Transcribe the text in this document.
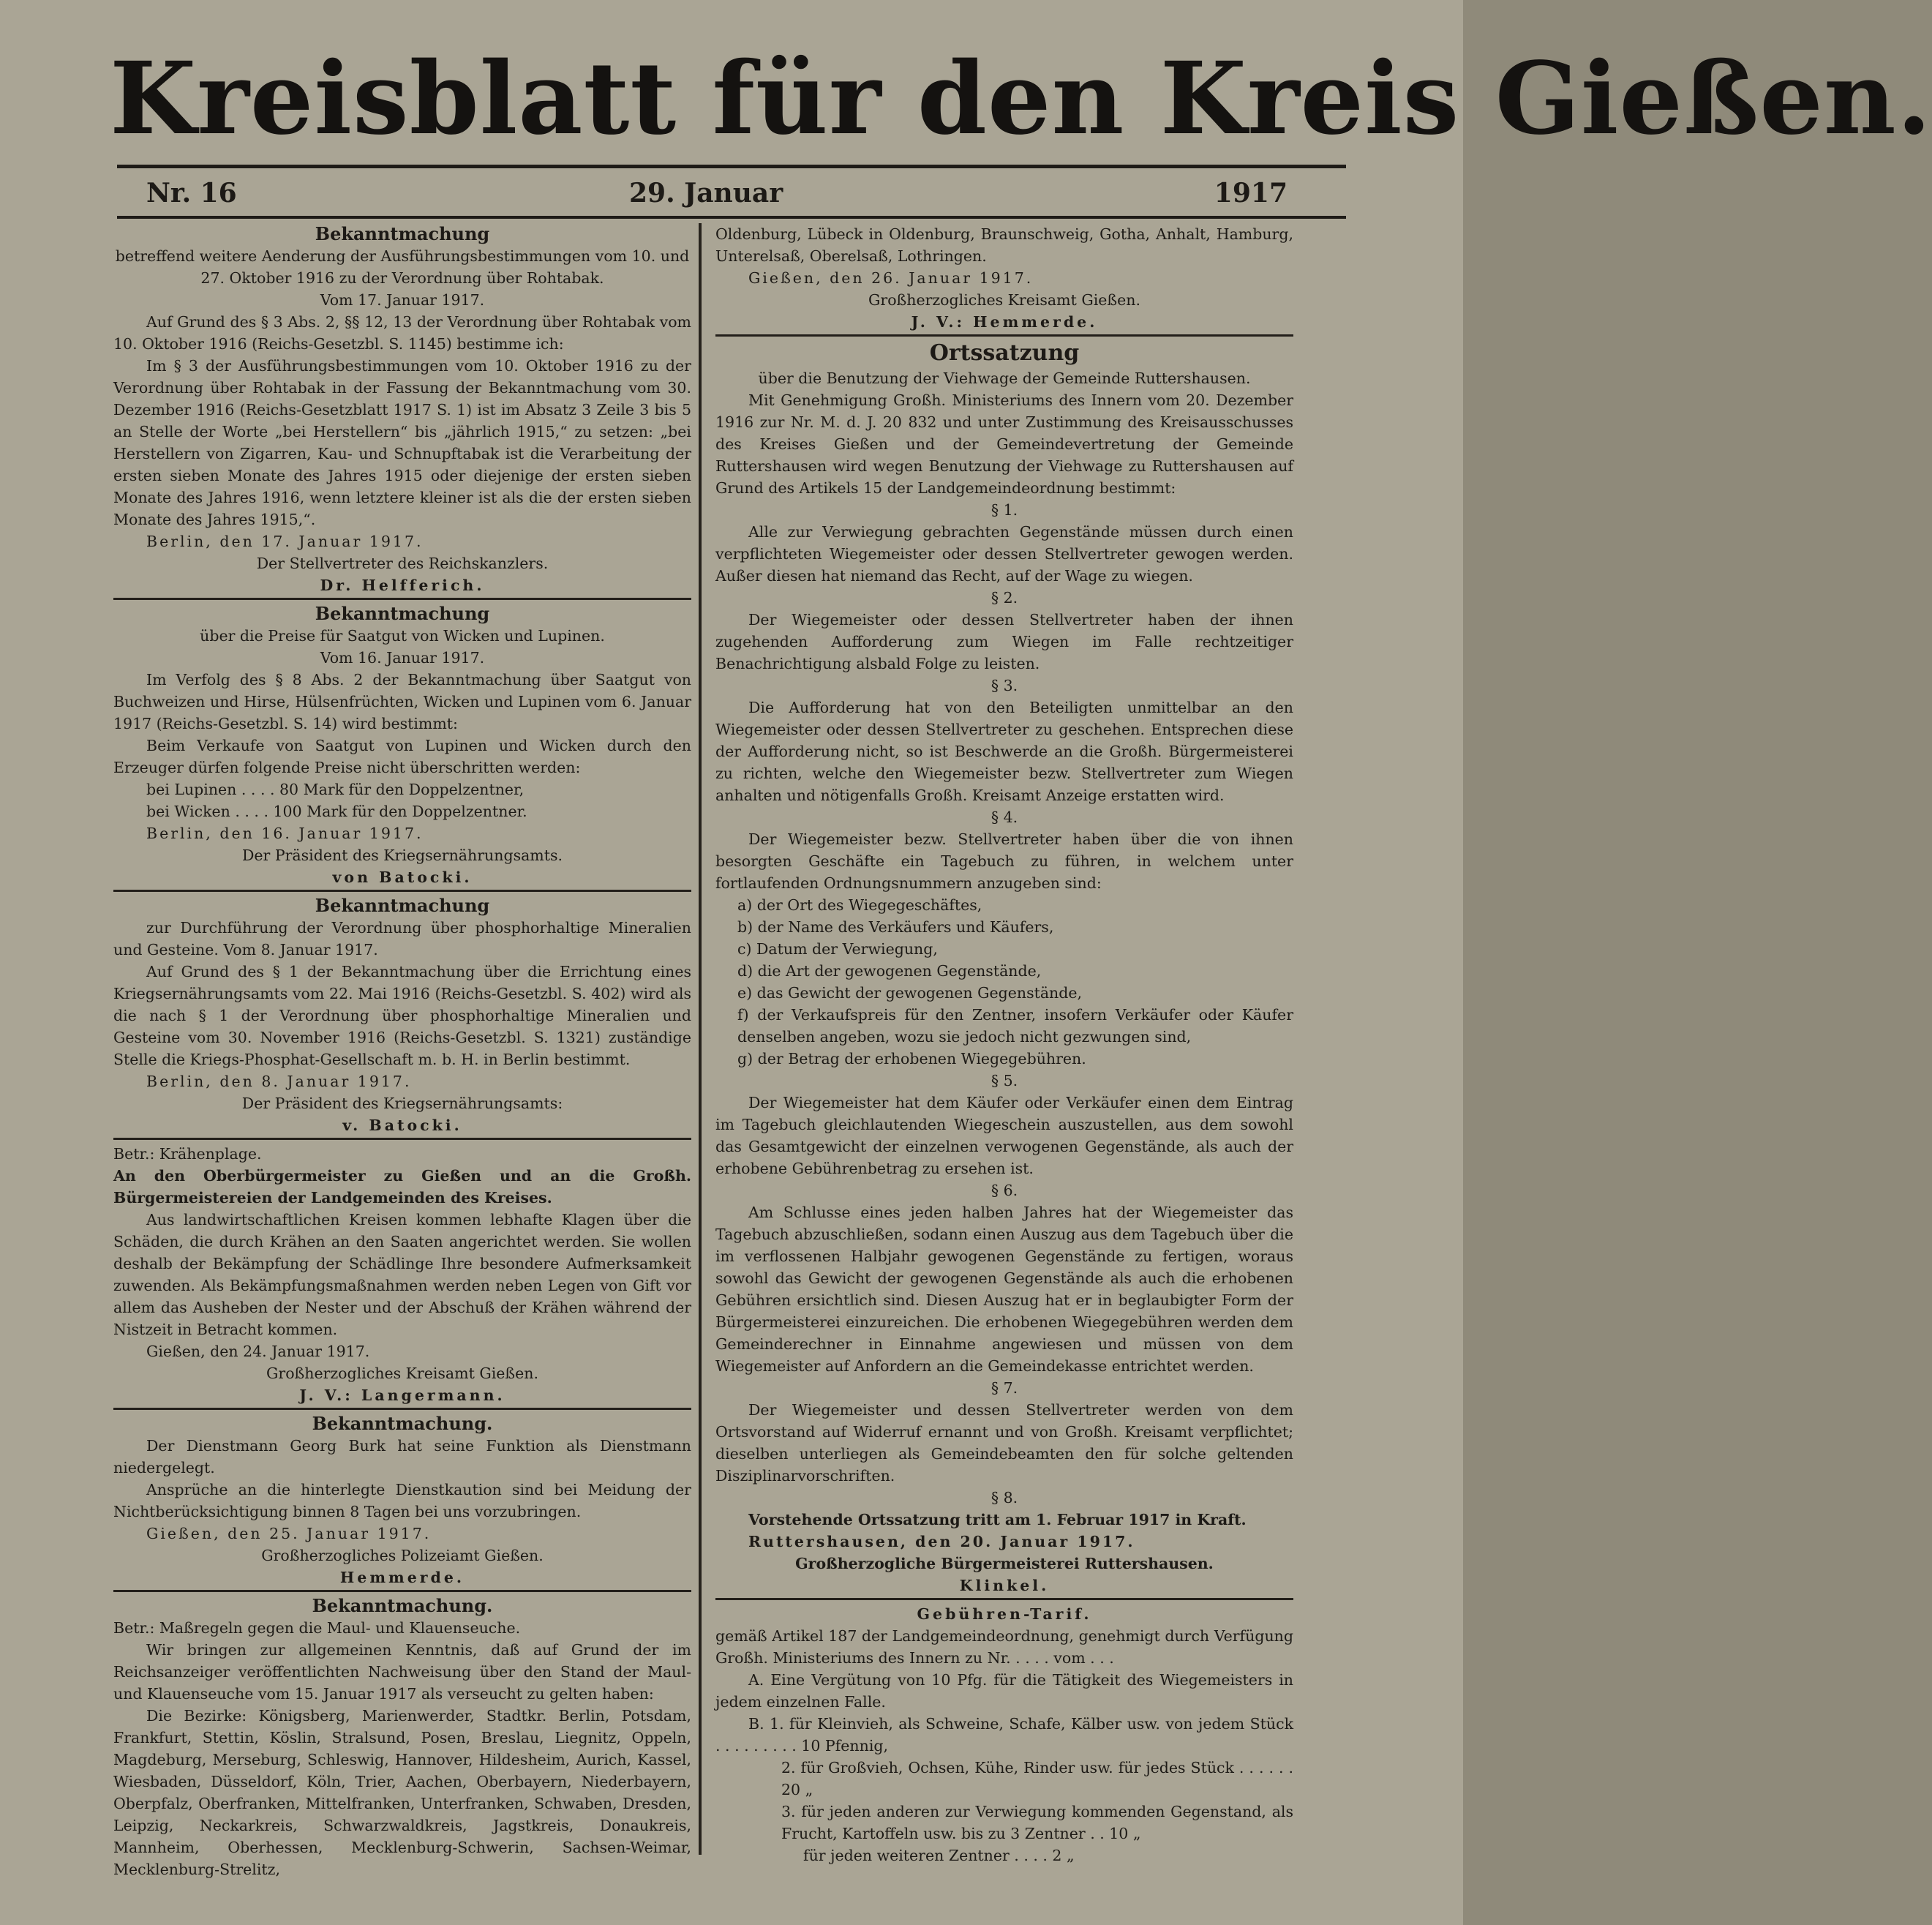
Kreisblatt für den Kreis Gießen.
Nr. 16	29. Januar	1917

Bekanntmachung

betreffend weitere Aenderung der Ausführungsbestimmungen vom 10. und 27. Oktober 1916 zu der Verordnung über Rohtabak.

Vom 17. Januar 1917.

Auf Grund des § 3 Abs. 2, §§ 12, 13 der Verordnung über Rohtabak vom 10. Oktober 1916 (Reichs-Gesetzbl. S. 1145) bestimme ich:

Im § 3 der Ausführungsbestimmungen vom 10. Oktober 1916 zu der Verordnung über Rohtabak in der Fassung der Bekanntmachung vom 30. Dezember 1916 (Reichs-Gesetzblatt 1917 S. 1) ist im Absatz 3 Zeile 3 bis 5 an Stelle der Worte „bei Herstellern“ bis „jährlich 1915,“ zu setzen: „bei Herstellern von Zigarren, Kau- und Schnupftabak ist die Verarbeitung der ersten sieben Monate des Jahres 1915 oder diejenige der ersten sieben Monate des Jahres 1916, wenn letztere kleiner ist als die der ersten sieben Monate des Jahres 1915,“.

Berlin, den 17. Januar 1917.

Der Stellvertreter des Reichskanzlers.

Dr. Helfferich.

Bekanntmachung

über die Preise für Saatgut von Wicken und Lupinen.

Vom 16. Januar 1917.

Im Verfolg des § 8 Abs. 2 der Bekanntmachung über Saatgut von Buchweizen und Hirse, Hülsenfrüchten, Wicken und Lupinen vom 6. Januar 1917 (Reichs-Gesetzbl. S. 14) wird bestimmt:

Beim Verkaufe von Saatgut von Lupinen und Wicken durch den Erzeuger dürfen folgende Preise nicht überschritten werden:

bei Lupinen . . . . 80 Mark für den Doppelzentner,

bei Wicken . . . . 100 Mark für den Doppelzentner.

Berlin, den 16. Januar 1917.

Der Präsident des Kriegsernährungsamts.

von Batocki.

Bekanntmachung

zur Durchführung der Verordnung über phosphorhaltige Mineralien und Gesteine. Vom 8. Januar 1917.

Auf Grund des § 1 der Bekanntmachung über die Errichtung eines Kriegsernährungsamts vom 22. Mai 1916 (Reichs-Gesetzbl. S. 402) wird als die nach § 1 der Verordnung über phosphorhaltige Mineralien und Gesteine vom 30. November 1916 (Reichs-Gesetzbl. S. 1321) zuständige Stelle die Kriegs-Phosphat-Gesellschaft m. b. H. in Berlin bestimmt.

Berlin, den 8. Januar 1917.

Der Präsident des Kriegsernährungsamts:

v. Batocki.

Betr.: Krähenplage.

An den Oberbürgermeister zu Gießen und an die Großh. Bürgermeistereien der Landgemeinden des Kreises.

Aus landwirtschaftlichen Kreisen kommen lebhafte Klagen über die Schäden, die durch Krähen an den Saaten angerichtet werden. Sie wollen deshalb der Bekämpfung der Schädlinge Ihre besondere Aufmerksamkeit zuwenden. Als Bekämpfungsmaßnahmen werden neben Legen von Gift vor allem das Ausheben der Nester und der Abschuß der Krähen während der Nistzeit in Betracht kommen.

Gießen, den 24. Januar 1917.

Großherzogliches Kreisamt Gießen.

J. V.: Langermann.

Bekanntmachung.

Der Dienstmann Georg Burk hat seine Funktion als Dienstmann niedergelegt.

Ansprüche an die hinterlegte Dienstkaution sind bei Meidung der Nichtberücksichtigung binnen 8 Tagen bei uns vorzubringen.

Gießen, den 25. Januar 1917.

Großherzogliches Polizeiamt Gießen.

Hemmerde.

Bekanntmachung.

Betr.: Maßregeln gegen die Maul- und Klauenseuche.

Wir bringen zur allgemeinen Kenntnis, daß auf Grund der im Reichsanzeiger veröffentlichten Nachweisung über den Stand der Maul- und Klauenseuche vom 15. Januar 1917 als verseucht zu gelten haben:

Die Bezirke: Königsberg, Marienwerder, Stadtkr. Berlin, Potsdam, Frankfurt, Stettin, Köslin, Stralsund, Posen, Breslau, Liegnitz, Oppeln, Magdeburg, Merseburg, Schleswig, Hannover, Hildesheim, Aurich, Kassel, Wiesbaden, Düsseldorf, Köln, Trier, Aachen, Oberbayern, Niederbayern, Oberpfalz, Oberfranken, Mittelfranken, Unterfranken, Schwaben, Dresden, Leipzig, Neckarkreis, Schwarzwaldkreis, Jagstkreis, Donaukreis, Mannheim, Oberhessen, Mecklenburg-Schwerin, Sachsen-Weimar, Mecklenburg-Strelitz,

Oldenburg, Lübeck in Oldenburg, Braunschweig, Gotha, Anhalt, Hamburg, Unterelsaß, Oberelsaß, Lothringen.

Gießen, den 26. Januar 1917.

Großherzogliches Kreisamt Gießen.

J. V.: Hemmerde.

Ortssatzung

über die Benutzung der Viehwage der Gemeinde Ruttershausen.

Mit Genehmigung Großh. Ministeriums des Innern vom 20. Dezember 1916 zur Nr. M. d. J. 20 832 und unter Zustimmung des Kreisausschusses des Kreises Gießen und der Gemeindevertretung der Gemeinde Ruttershausen wird wegen Benutzung der Viehwage zu Ruttershausen auf Grund des Artikels 15 der Landgemeindeordnung bestimmt:

§ 1.

Alle zur Verwiegung gebrachten Gegenstände müssen durch einen verpflichteten Wiegemeister oder dessen Stellvertreter gewogen werden. Außer diesen hat niemand das Recht, auf der Wage zu wiegen.

§ 2.

Der Wiegemeister oder dessen Stellvertreter haben der ihnen zugehenden Aufforderung zum Wiegen im Falle rechtzeitiger Benachrichtigung alsbald Folge zu leisten.

§ 3.

Die Aufforderung hat von den Beteiligten unmittelbar an den Wiegemeister oder dessen Stellvertreter zu geschehen. Entsprechen diese der Aufforderung nicht, so ist Beschwerde an die Großh. Bürgermeisterei zu richten, welche den Wiegemeister bezw. Stellvertreter zum Wiegen anhalten und nötigenfalls Großh. Kreisamt Anzeige erstatten wird.

§ 4.

Der Wiegemeister bezw. Stellvertreter haben über die von ihnen besorgten Geschäfte ein Tagebuch zu führen, in welchem unter fortlaufenden Ordnungsnummern anzugeben sind:

a) der Ort des Wiegegeschäftes,

b) der Name des Verkäufers und Käufers,

c) Datum der Verwiegung,

d) die Art der gewogenen Gegenstände,

e) das Gewicht der gewogenen Gegenstände,

f) der Verkaufspreis für den Zentner, insofern Verkäufer oder Käufer denselben angeben, wozu sie jedoch nicht gezwungen sind,

g) der Betrag der erhobenen Wiegegebühren.

§ 5.

Der Wiegemeister hat dem Käufer oder Verkäufer einen dem Eintrag im Tagebuch gleichlautenden Wiegeschein auszustellen, aus dem sowohl das Gesamtgewicht der einzelnen verwogenen Gegenstände, als auch der erhobene Gebührenbetrag zu ersehen ist.

§ 6.

Am Schlusse eines jeden halben Jahres hat der Wiegemeister das Tagebuch abzuschließen, sodann einen Auszug aus dem Tagebuch über die im verflossenen Halbjahr gewogenen Gegenstände zu fertigen, woraus sowohl das Gewicht der gewogenen Gegenstände als auch die erhobenen Gebühren ersichtlich sind. Diesen Auszug hat er in beglaubigter Form der Bürgermeisterei einzureichen. Die erhobenen Wiegegebühren werden dem Gemeinderechner in Einnahme angewiesen und müssen von dem Wiegemeister auf Anfordern an die Gemeindekasse entrichtet werden.

§ 7.

Der Wiegemeister und dessen Stellvertreter werden von dem Ortsvorstand auf Widerruf ernannt und von Großh. Kreisamt verpflichtet; dieselben unterliegen als Gemeindebeamten den für solche geltenden Disziplinarvorschriften.

§ 8.

Vorstehende Ortssatzung tritt am 1. Februar 1917 in Kraft.

Ruttershausen, den 20. Januar 1917.

Großherzogliche Bürgermeisterei Ruttershausen.

Klinkel.

Gebühren-Tarif.

gemäß Artikel 187 der Landgemeindeordnung, genehmigt durch Verfügung Großh. Ministeriums des Innern zu Nr. . . . . vom . . .

A. Eine Vergütung von 10 Pfg. für die Tätigkeit des Wiegemeisters in jedem einzelnen Falle.

B. 1. für Kleinvieh, als Schweine, Schafe, Kälber usw. von jedem Stück . . . . . . . . . 10 Pfennig,

2. für Großvieh, Ochsen, Kühe, Rinder usw. für jedes Stück . . . . . . 20 „

3. für jeden anderen zur Verwiegung kommenden Gegenstand, als Frucht, Kartoffeln usw. bis zu 3 Zentner . . 10 „

für jeden weiteren Zentner . . . . 2 „
